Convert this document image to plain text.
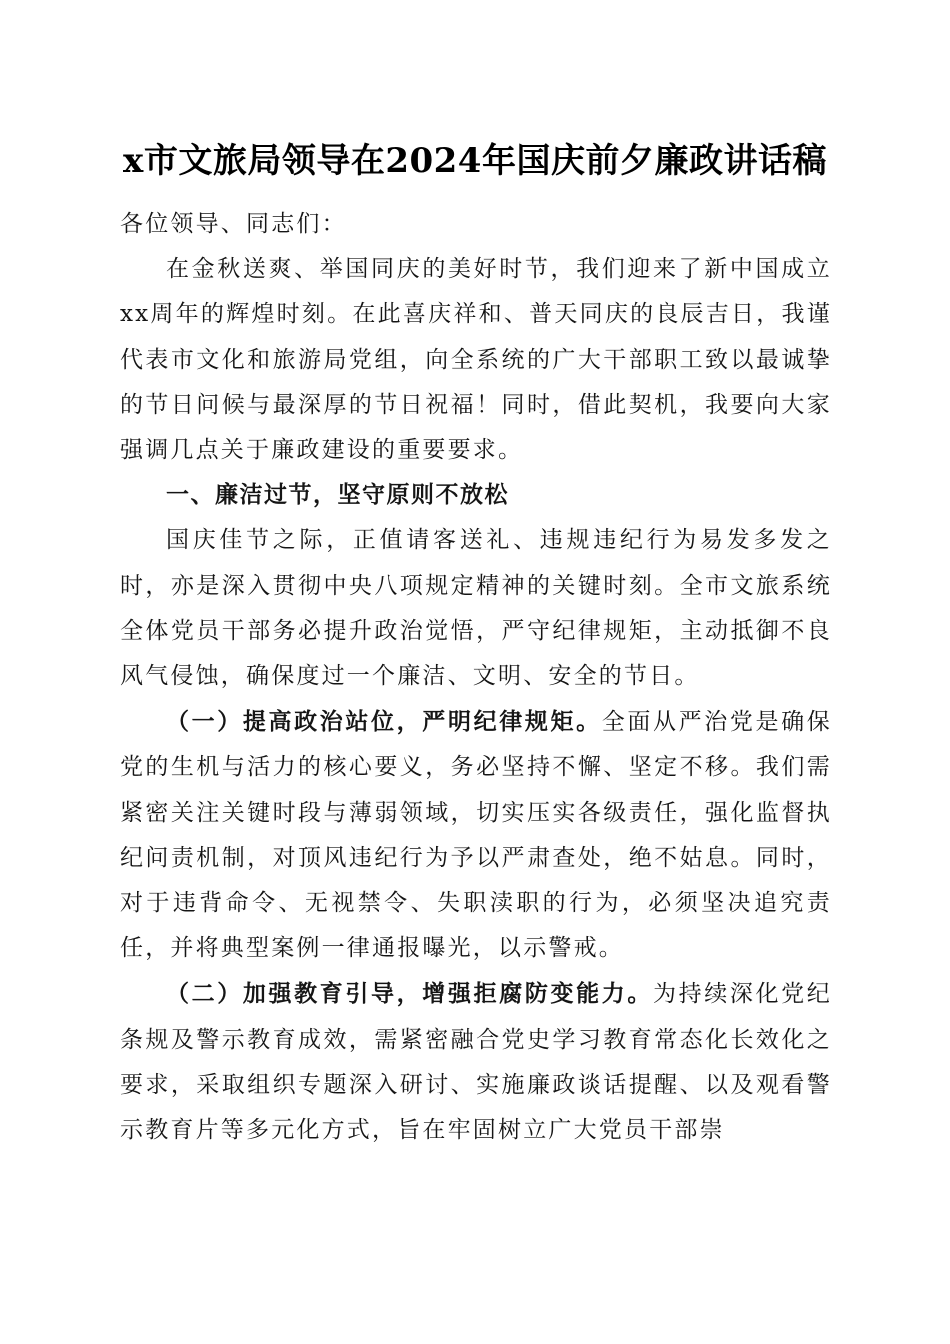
x市文旅局领导在2024年国庆前夕廉政讲话稿

各位领导、同志们：

在金秋送爽、举国同庆的美好时节，我们迎来了新中国成立xx周年的辉煌时刻。在此喜庆祥和、普天同庆的良辰吉日，我谨代表市文化和旅游局党组，向全系统的广大干部职工致以最诚挚的节日问候与最深厚的节日祝福！同时，借此契机，我要向大家强调几点关于廉政建设的重要要求。

一、廉洁过节，坚守原则不放松

国庆佳节之际，正值请客送礼、违规违纪行为易发多发之时，亦是深入贯彻中央八项规定精神的关键时刻。全市文旅系统全体党员干部务必提升政治觉悟，严守纪律规矩，主动抵御不良风气侵蚀，确保度过一个廉洁、文明、安全的节日。

（一）提高政治站位，严明纪律规矩。全面从严治党是确保党的生机与活力的核心要义，务必坚持不懈、坚定不移。我们需紧密关注关键时段与薄弱领域，切实压实各级责任，强化监督执纪问责机制，对顶风违纪行为予以严肃查处，绝不姑息。同时，对于违背命令、无视禁令、失职渎职的行为，必须坚决追究责任，并将典型案例一律通报曝光，以示警戒。

（二）加强教育引导，增强拒腐防变能力。为持续深化党纪条规及警示教育成效，需紧密融合党史学习教育常态化长效化之要求，采取组织专题深入研讨、实施廉政谈话提醒、以及观看警示教育片等多元化方式，旨在牢固树立广大党员干部崇
